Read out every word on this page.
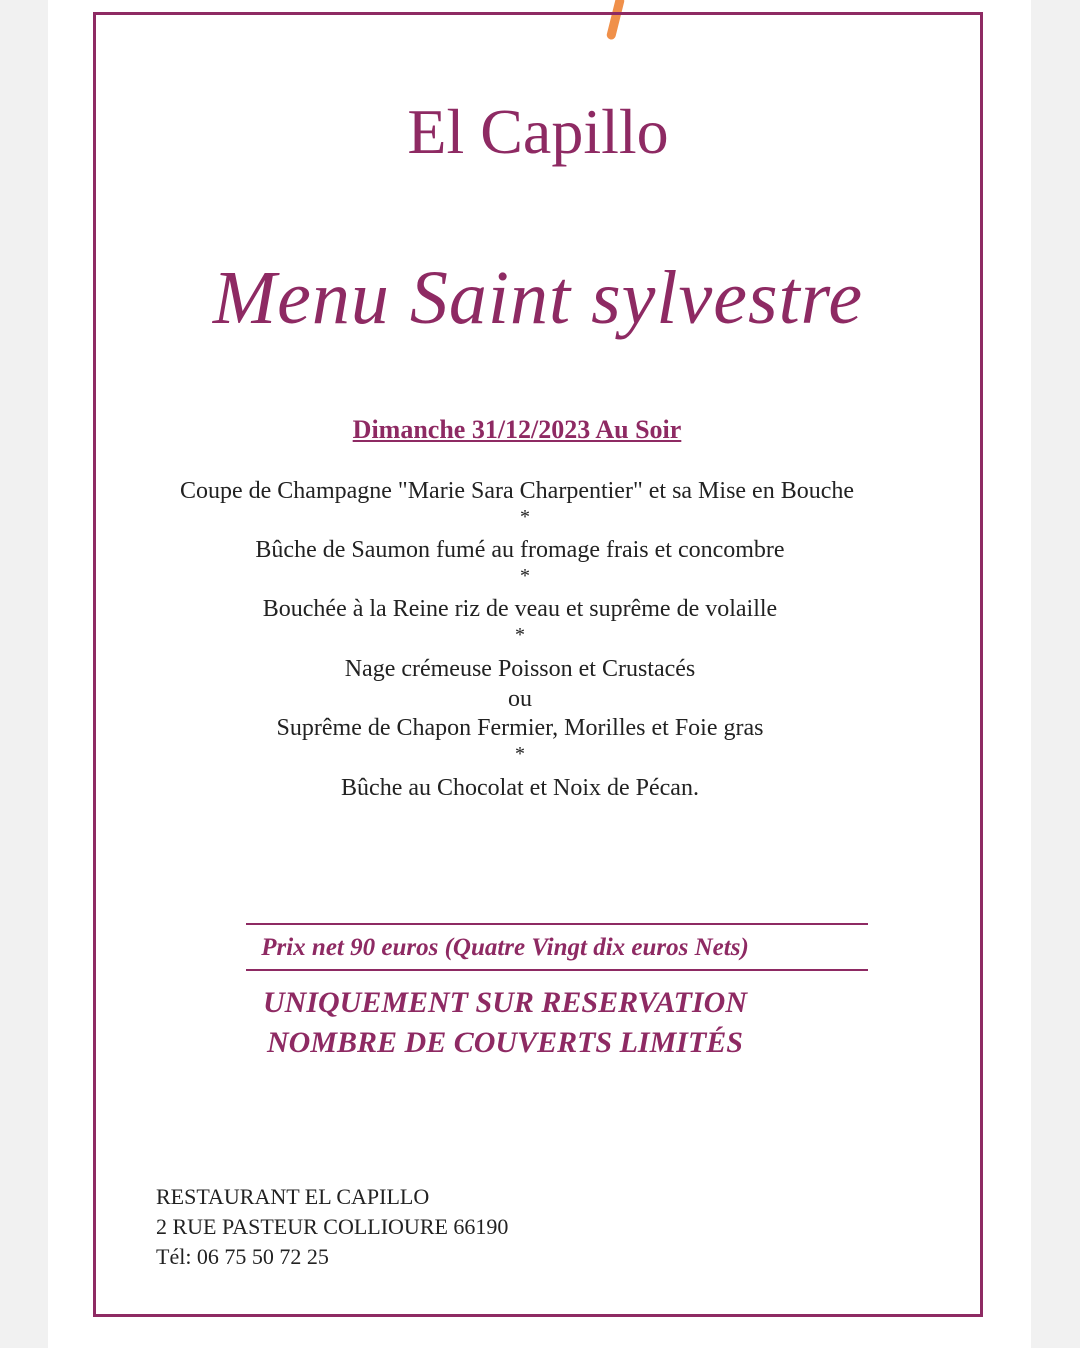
El Capillo
Menu Saint sylvestre
Dimanche 31/12/2023 Au Soir
Coupe de Champagne "Marie Sara Charpentier" et sa Mise en Bouche
*
Bûche de Saumon fumé au fromage frais et concombre
*
Bouchée à la Reine riz de veau et suprême de volaille
*
Nage crémeuse Poisson et Crustacés
ou
Suprême de Chapon Fermier, Morilles et Foie gras
*
Bûche au Chocolat et Noix de Pécan.
Prix net 90 euros (Quatre Vingt dix euros Nets)
UNIQUEMENT SUR RESERVATION
NOMBRE DE COUVERTS LIMITÉS
RESTAURANT EL CAPILLO
2 RUE PASTEUR COLLIOURE 66190
Tél: 06 75 50 72 25
